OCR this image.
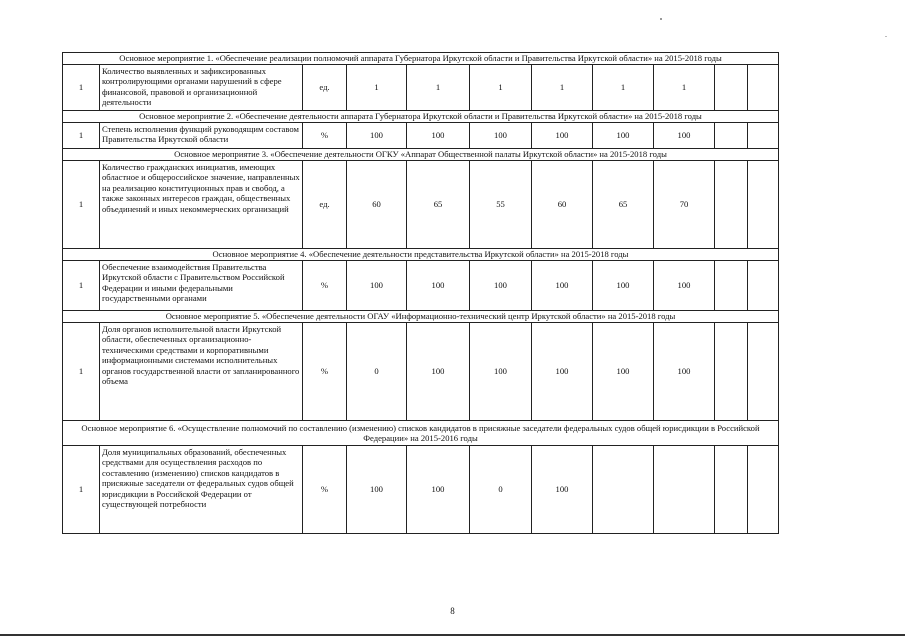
Основное мероприятие 1. «Обеспечение реализации полномочий аппарата Губернатора Иркутской области и Правительства Иркутской области» на 2015-2018 годы										
1	Количество выявленных и зафиксированных контролирующими органами нарушений в сфере финансовой, правовой и организационной деятельности	ед.	1	1	1	1	1	1		
Основное мероприятие 2. «Обеспечение деятельности аппарата Губернатора Иркутской области и Правительства Иркутской области» на 2015-2018 годы										
1	Степень исполнения функций руководящим составом Правительства Иркутской области	%	100	100	100	100	100	100		
Основное мероприятие 3. «Обеспечение деятельности ОГКУ «Аппарат Общественной палаты Иркутской области» на 2015-2018 годы										
1	Количество гражданских инициатив, имеющих областное и общероссийское значение, направленных на реализацию конституционных прав и свобод, а также законных интересов граждан, общественных объединений и иных некоммерческих организаций	ед.	60	65	55	60	65	70		
Основное мероприятие 4. «Обеспечение деятельности представительства Иркутской области» на 2015-2018 годы										
1	Обеспечение взаимодействия Правительства Иркутской области с Правительством Российской Федерации и иными федеральными государственными органами	%	100	100	100	100	100	100		
Основное мероприятие 5. «Обеспечение деятельности ОГАУ «Информационно-технический центр Иркутской области» на 2015-2018 годы										
1	Доля органов исполнительной власти Иркутской области, обеспеченных организационно-техническими средствами и корпоративными информационными системами исполнительных органов государственной власти от запланированного объема	%	0	100	100	100	100	100		
Основное мероприятие 6. «Осуществление полномочий по составлению (изменению) списков кандидатов в присяжные заседатели федеральных судов общей юрисдикции в Российской Федерации» на 2015-2016 годы										
1	Доля муниципальных образований, обеспеченных средствами для осуществления расходов по составлению (изменению) списков кандидатов в присяжные заседатели от федеральных судов общей юрисдикции в Российской Федерации от существующей потребности	%	100	100	0	100				
8
